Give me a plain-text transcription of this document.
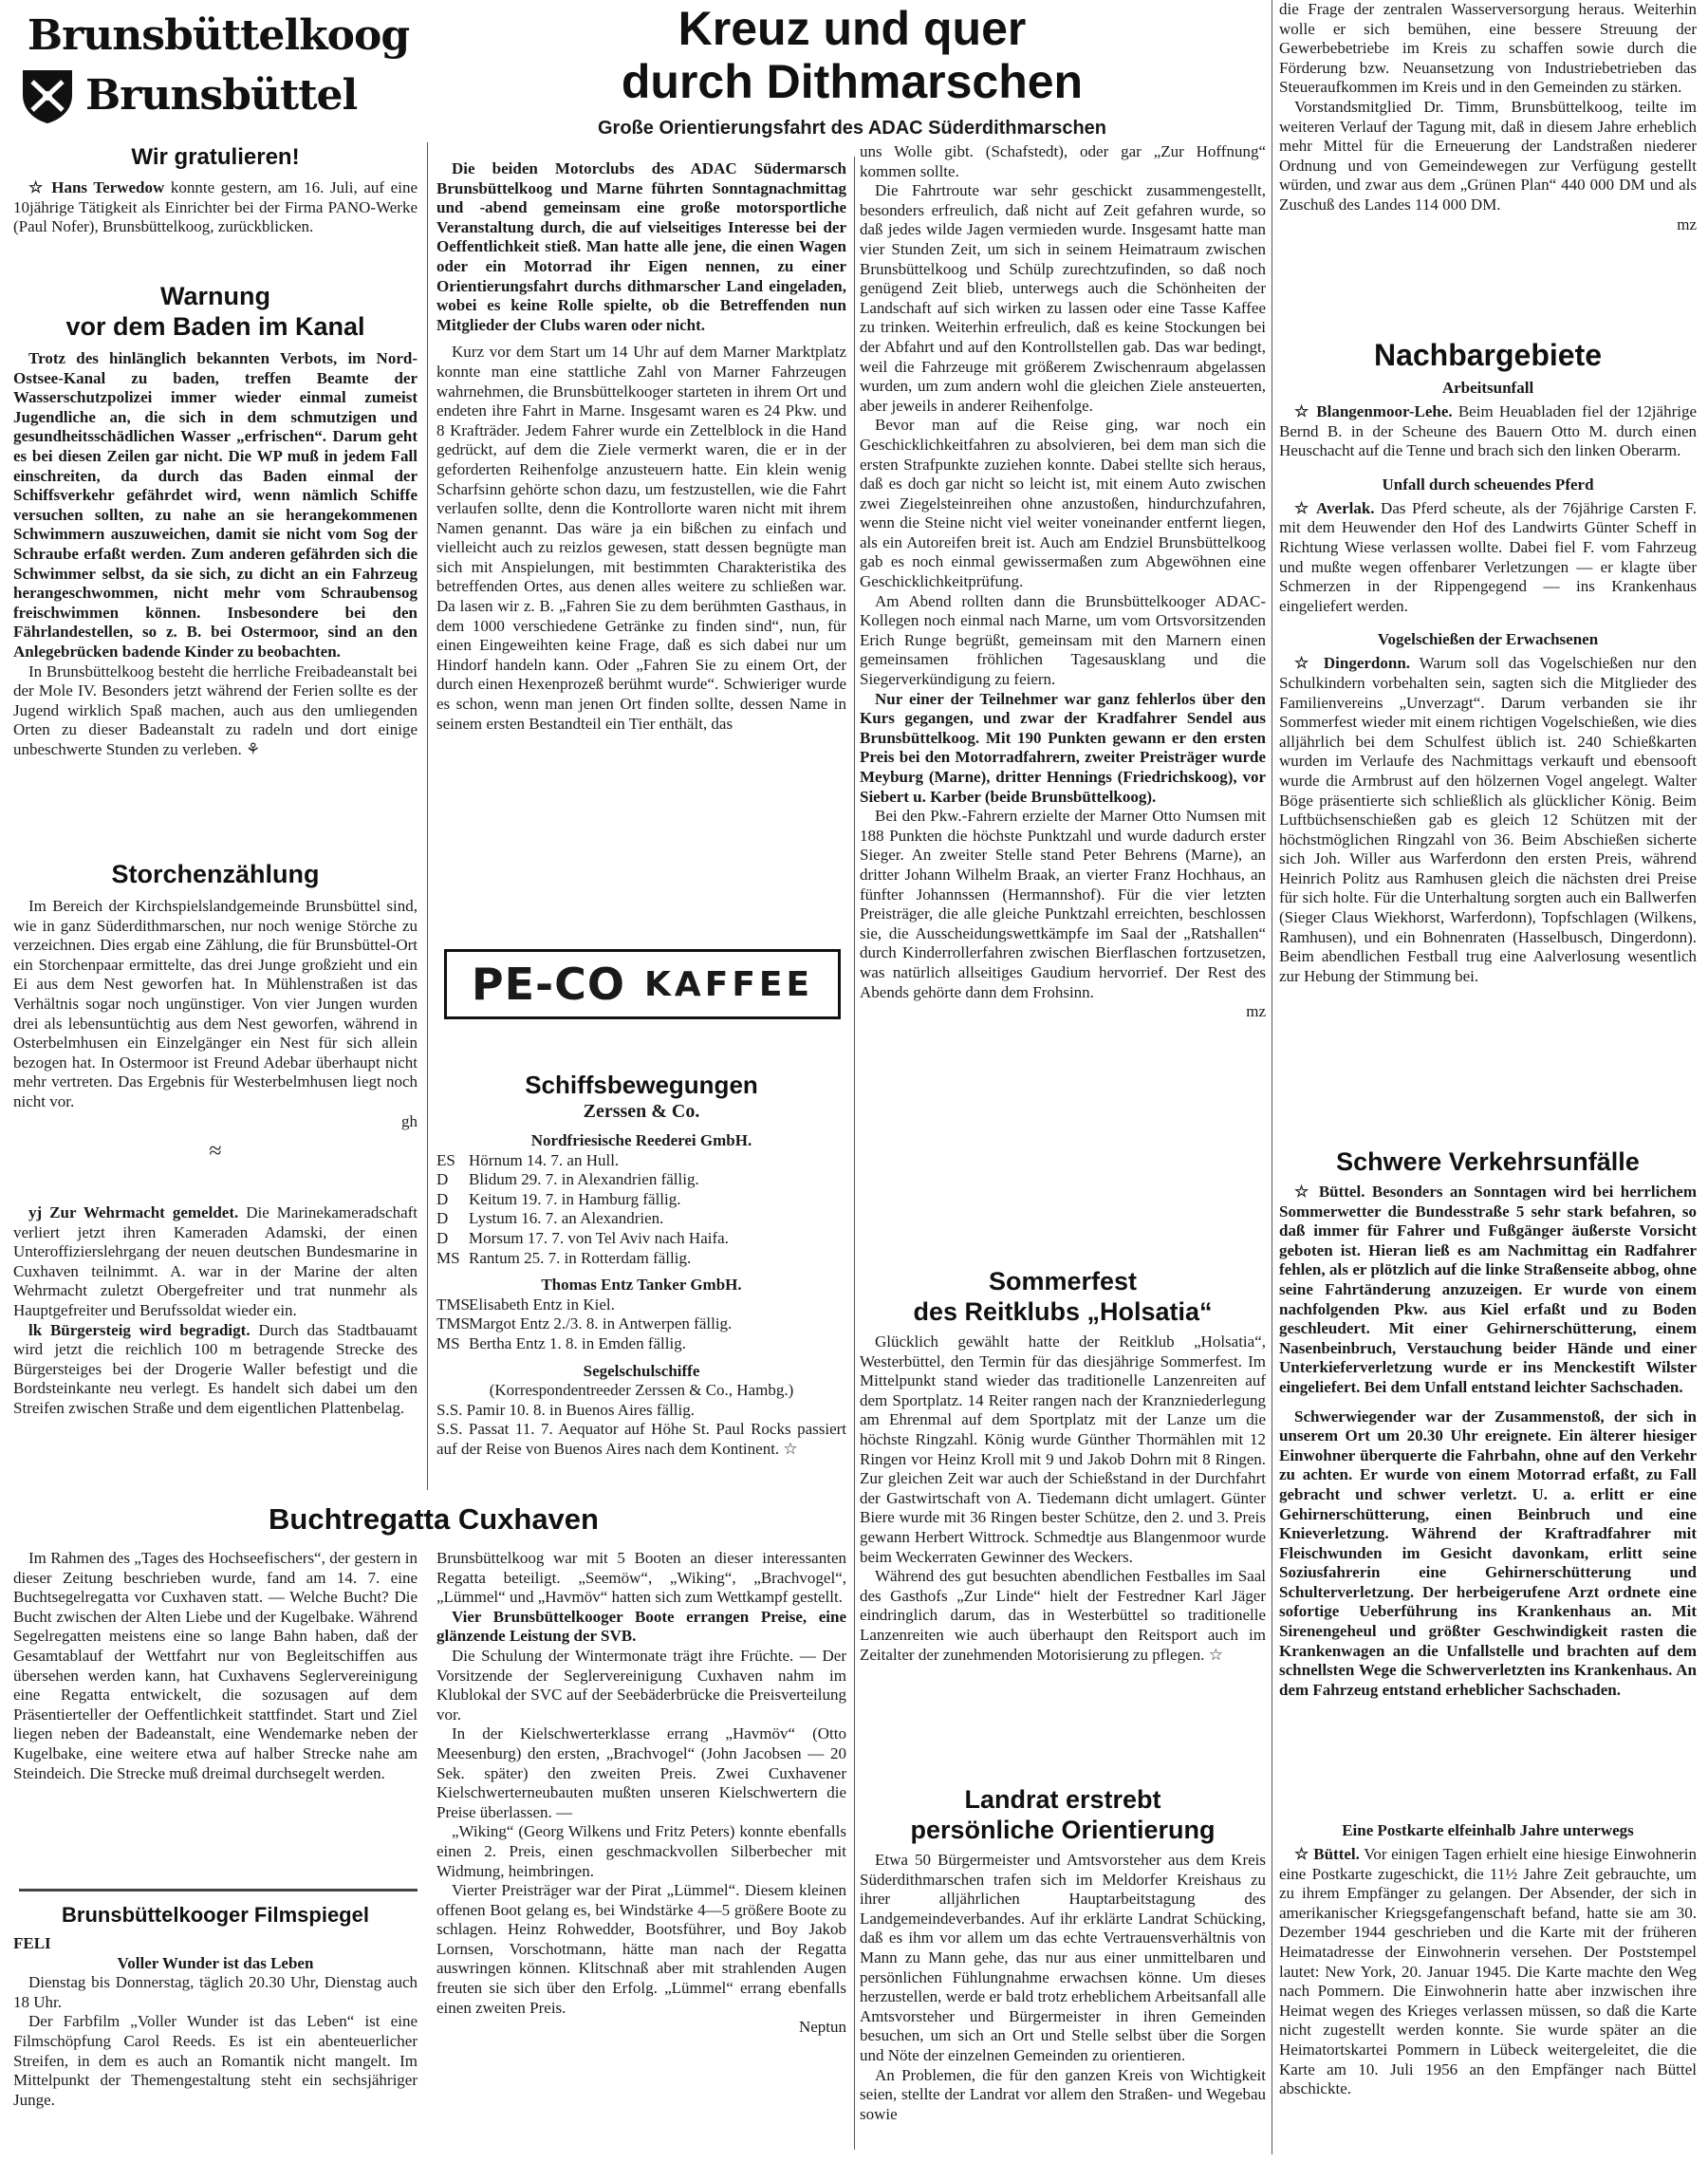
Brunsbüttelkoog
Brunsbüttel
Wir gratulieren!

☆ Hans Terwedow konnte gestern, am 16. Juli, auf eine 10jährige Tätigkeit als Einrichter bei der Firma PANO-Werke (Paul Nofer), Brunsbüttelkoog, zurückblicken.

Warnung
vor dem Baden im Kanal

Trotz des hinlänglich bekannten Verbots, im Nord-Ostsee-Kanal zu baden, treffen Beamte der Wasserschutzpolizei immer wieder einmal zumeist Jugendliche an, die sich in dem schmutzigen und gesundheitsschädlichen Wasser „erfrischen“. Darum geht es bei diesen Zeilen gar nicht. Die WP muß in jedem Fall einschreiten, da durch das Baden einmal der Schiffsverkehr gefährdet wird, wenn nämlich Schiffe versuchen sollten, zu nahe an sie herangekommenen Schwimmern auszuweichen, damit sie nicht vom Sog der Schraube erfaßt werden. Zum anderen gefährden sich die Schwimmer selbst, da sie sich, zu dicht an ein Fahrzeug herangeschwommen, nicht mehr vom Schraubensog freischwimmen können. Insbesondere bei den Fährlandestellen, so z. B. bei Ostermoor, sind an den Anlegebrücken badende Kinder zu beobachten.

In Brunsbüttelkoog besteht die herrliche Freibadeanstalt bei der Mole IV. Besonders jetzt während der Ferien sollte es der Jugend wirklich Spaß machen, auch aus den umliegenden Orten zu dieser Badeanstalt zu radeln und dort einige unbeschwerte Stunden zu verleben. ⚘

Storchenzählung

Im Bereich der Kirchspielslandgemeinde Brunsbüttel sind, wie in ganz Süderdithmarschen, nur noch wenige Störche zu verzeichnen. Dies ergab eine Zählung, die für Brunsbüttel-Ort ein Storchenpaar ermittelte, das drei Junge großzieht und ein Ei aus dem Nest geworfen hat. In Mühlenstraßen ist das Verhältnis sogar noch ungünstiger. Von vier Jungen wurden drei als lebensuntüchtig aus dem Nest geworfen, während in Osterbelmhusen ein Einzelgänger ein Nest für sich allein bezogen hat. In Ostermoor ist Freund Adebar überhaupt nicht mehr vertreten. Das Ergebnis für Westerbelmhusen liegt noch nicht vor.

gh

≈

yj Zur Wehrmacht gemeldet. Die Marinekameradschaft verliert jetzt ihren Kameraden Adamski, der einen Unteroffizierslehrgang der neuen deutschen Bundesmarine in Cuxhaven teilnimmt. A. war in der Marine der alten Wehrmacht zuletzt Obergefreiter und trat nunmehr als Hauptgefreiter und Berufssoldat wieder ein.

lk Bürgersteig wird begradigt. Durch das Stadtbauamt wird jetzt die reichlich 100 m betragende Strecke des Bürgersteiges bei der Drogerie Waller befestigt und die Bordsteinkante neu verlegt. Es handelt sich dabei um den Streifen zwischen Straße und dem eigentlichen Plattenbelag.

Buchtregatta Cuxhaven

Im Rahmen des „Tages des Hochseefischers“, der gestern in dieser Zeitung beschrieben wurde, fand am 14. 7. eine Buchtsegelregatta vor Cuxhaven statt. — Welche Bucht? Die Bucht zwischen der Alten Liebe und der Kugelbake. Während Segelregatten meistens eine so lange Bahn haben, daß der Gesamtablauf der Wettfahrt nur von Begleitschiffen aus übersehen werden kann, hat Cuxhavens Seglervereinigung eine Regatta entwickelt, die sozusagen auf dem Präsentierteller der Oeffentlichkeit stattfindet. Start und Ziel liegen neben der Badeanstalt, eine Wendemarke neben der Kugelbake, eine weitere etwa auf halber Strecke nahe am Steindeich. Die Strecke muß dreimal durchsegelt werden.

Brunsbüttelkoog war mit 5 Booten an dieser interessanten Regatta beteiligt. „Seemöw“, „Wiking“, „Brachvogel“, „Lümmel“ und „Havmöv“ hatten sich zum Wettkampf gestellt.

Vier Brunsbüttelkooger Boote errangen Preise, eine glänzende Leistung der SVB.

Die Schulung der Wintermonate trägt ihre Früchte. — Der Vorsitzende der Seglervereinigung Cuxhaven nahm im Klublokal der SVC auf der Seebäderbrücke die Preisverteilung vor.

In der Kielschwerterklasse errang „Havmöv“ (Otto Meesenburg) den ersten, „Brachvogel“ (John Jacobsen — 20 Sek. später) den zweiten Preis. Zwei Cuxhavener Kielschwerterneubauten mußten unseren Kielschwertern die Preise überlassen. —

„Wiking“ (Georg Wilkens und Fritz Peters) konnte ebenfalls einen 2. Preis, einen geschmackvollen Silberbecher mit Widmung, heimbringen.

Vierter Preisträger war der Pirat „Lümmel“. Diesem kleinen offenen Boot gelang es, bei Windstärke 4—5 größere Boote zu schlagen. Heinz Rohwedder, Bootsführer, und Boy Jakob Lornsen, Vorschotmann, hätte man nach der Regatta auswringen können. Klitschnaß aber mit strahlenden Augen freuten sie sich über den Erfolg. „Lümmel“ errang ebenfalls einen zweiten Preis.

Neptun

Brunsbüttelkooger Filmspiegel

FELI

Voller Wunder ist das Leben

Dienstag bis Donnerstag, täglich 20.30 Uhr, Dienstag auch 18 Uhr.

Der Farbfilm „Voller Wunder ist das Leben“ ist eine Filmschöpfung Carol Reeds. Es ist ein abenteuerlicher Streifen, in dem es auch an Romantik nicht mangelt. Im Mittelpunkt der Themengestaltung steht ein sechsjähriger Junge.

Kreuz und quer
durch Dithmarschen
Große Orientierungsfahrt des ADAC Süderdithmarschen

Die beiden Motorclubs des ADAC Südermarsch Brunsbüttelkoog und Marne führten Sonntagnachmittag und -abend gemeinsam eine große motorsportliche Veranstaltung durch, die auf vielseitiges Interesse bei der Oeffentlichkeit stieß. Man hatte alle jene, die einen Wagen oder ein Motorrad ihr Eigen nennen, zu einer Orientierungsfahrt durchs dithmarscher Land eingeladen, wobei es keine Rolle spielte, ob die Betreffenden nun Mitglieder der Clubs waren oder nicht.

Kurz vor dem Start um 14 Uhr auf dem Marner Marktplatz konnte man eine stattliche Zahl von Marner Fahrzeugen wahrnehmen, die Brunsbüttelkooger starteten in ihrem Ort und endeten ihre Fahrt in Marne. Insgesamt waren es 24 Pkw. und 8 Krafträder. Jedem Fahrer wurde ein Zettelblock in die Hand gedrückt, auf dem die Ziele vermerkt waren, die er in der geforderten Reihenfolge anzusteuern hatte. Ein klein wenig Scharfsinn gehörte schon dazu, um festzustellen, wie die Fahrt verlaufen sollte, denn die Kontrollorte waren nicht mit ihrem Namen genannt. Das wäre ja ein bißchen zu einfach und vielleicht auch zu reizlos gewesen, statt dessen begnügte man sich mit Anspielungen, mit bestimmten Charakteristika des betreffenden Ortes, aus denen alles weitere zu schließen war. Da lasen wir z. B. „Fahren Sie zu dem berühmten Gasthaus, in dem 1000 verschiedene Getränke zu finden sind“, nun, für einen Eingeweihten keine Frage, daß es sich dabei nur um Hindorf handeln kann. Oder „Fahren Sie zu einem Ort, der durch einen Hexenprozeß berühmt wurde“. Schwieriger wurde es schon, wenn man jenen Ort finden sollte, dessen Name in seinem ersten Bestandteil ein Tier enthält, das

uns Wolle gibt. (Schafstedt), oder gar „Zur Hoffnung“ kommen sollte.

Die Fahrtroute war sehr geschickt zusammengestellt, besonders erfreulich, daß nicht auf Zeit gefahren wurde, so daß jedes wilde Jagen vermieden wurde. Insgesamt hatte man vier Stunden Zeit, um sich in seinem Heimatraum zwischen Brunsbüttelkoog und Schülp zurechtzufinden, so daß noch genügend Zeit blieb, unterwegs auch die Schönheiten der Landschaft auf sich wirken zu lassen oder eine Tasse Kaffee zu trinken. Weiterhin erfreulich, daß es keine Stockungen bei der Abfahrt und auf den Kontrollstellen gab. Das war bedingt, weil die Fahrzeuge mit größerem Zwischenraum abgelassen wurden, um zum andern wohl die gleichen Ziele ansteuerten, aber jeweils in anderer Reihenfolge.

Bevor man auf die Reise ging, war noch ein Geschicklichkeitfahren zu absolvieren, bei dem man sich die ersten Strafpunkte zuziehen konnte. Dabei stellte sich heraus, daß es doch gar nicht so leicht ist, mit einem Auto zwischen zwei Ziegelsteinreihen ohne anzustoßen, hindurchzufahren, wenn die Steine nicht viel weiter voneinander entfernt liegen, als ein Autoreifen breit ist. Auch am Endziel Brunsbüttelkoog gab es noch einmal gewissermaßen zum Abgewöhnen eine Geschicklichkeitprüfung.

Am Abend rollten dann die Brunsbüttelkooger ADAC-Kollegen noch einmal nach Marne, um vom Ortsvorsitzenden Erich Runge begrüßt, gemeinsam mit den Marnern einen gemeinsamen fröhlichen Tagesausklang und die Siegerverkündigung zu feiern.

Nur einer der Teilnehmer war ganz fehlerlos über den Kurs gegangen, und zwar der Kradfahrer Sendel aus Brunsbüttelkoog. Mit 190 Punkten gewann er den ersten Preis bei den Motorradfahrern, zweiter Preisträger wurde Meyburg (Marne), dritter Hennings (Friedrichskoog), vor Siebert u. Karber (beide Brunsbüttelkoog).

Bei den Pkw.-Fahrern erzielte der Marner Otto Numsen mit 188 Punkten die höchste Punktzahl und wurde dadurch erster Sieger. An zweiter Stelle stand Peter Behrens (Marne), an dritter Johann Wilhelm Braak, an vierter Franz Hochhaus, an fünfter Johannssen (Hermannshof). Für die vier letzten Preisträger, die alle gleiche Punktzahl erreichten, beschlossen sie, die Ausscheidungswettkämpfe im Saal der „Ratshallen“ durch Kinderrollerfahren zwischen Bierflaschen fortzusetzen, was natürlich allseitiges Gaudium hervorrief. Der Rest des Abends gehörte dann dem Frohsinn.

mz

PE-CO KAFFEE
Schiffsbewegungen
Zerssen & Co.
Nordfriesische Reederei GmbH.
ES Hörnum 14. 7. an Hull.
D Blidum 29. 7. in Alexandrien fällig.
D Keitum 19. 7. in Hamburg fällig.
D Lystum 16. 7. an Alexandrien.
D Morsum 17. 7. von Tel Aviv nach Haifa.
MS Rantum 25. 7. in Rotterdam fällig.
Thomas Entz Tanker GmbH.
TMSElisabeth Entz in Kiel.
TMSMargot Entz 2./3. 8. in Antwerpen fällig.
MS Bertha Entz 1. 8. in Emden fällig.
Segelschulschiffe
(Korrespondentreeder Zerssen & Co., Hambg.)

S.S. Pamir 10. 8. in Buenos Aires fällig.

S.S. Passat 11. 7. Aequator auf Höhe St. Paul Rocks passiert auf der Reise von Buenos Aires nach dem Kontinent. ☆

Sommerfest
des Reitklubs „Holsatia“

Glücklich gewählt hatte der Reitklub „Holsatia“, Westerbüttel, den Termin für das diesjährige Sommerfest. Im Mittelpunkt stand wieder das traditionelle Lanzenreiten auf dem Sportplatz. 14 Reiter rangen nach der Kranzniederlegung am Ehrenmal auf dem Sportplatz mit der Lanze um die höchste Ringzahl. König wurde Günther Thormählen mit 12 Ringen vor Heinz Kroll mit 9 und Jakob Dohrn mit 8 Ringen. Zur gleichen Zeit war auch der Schießstand in der Durchfahrt der Gastwirtschaft von A. Tiedemann dicht umlagert. Günter Biere wurde mit 36 Ringen bester Schütze, den 2. und 3. Preis gewann Herbert Wittrock. Schmedtje aus Blangenmoor wurde beim Weckerraten Gewinner des Weckers.

Während des gut besuchten abendlichen Festballes im Saal des Gasthofs „Zur Linde“ hielt der Festredner Karl Jäger eindringlich darum, das in Westerbüttel so traditionelle Lanzenreiten wie auch überhaupt den Reitsport auch im Zeitalter der zunehmenden Motorisierung zu pflegen. ☆

Landrat erstrebt
persönliche Orientierung

Etwa 50 Bürgermeister und Amtsvorsteher aus dem Kreis Süderdithmarschen trafen sich im Meldorfer Kreishaus zu ihrer alljährlichen Hauptarbeitstagung des Landgemeindeverbandes. Auf ihr erklärte Landrat Schücking, daß es ihm vor allem um das echte Vertrauensverhältnis von Mann zu Mann gehe, das nur aus einer unmittelbaren und persönlichen Fühlungnahme erwachsen könne. Um dieses herzustellen, werde er bald trotz erheblichem Arbeitsanfall alle Amtsvorsteher und Bürgermeister in ihren Gemeinden besuchen, um sich an Ort und Stelle selbst über die Sorgen und Nöte der einzelnen Gemeinden zu orientieren.

An Problemen, die für den ganzen Kreis von Wichtigkeit seien, stellte der Landrat vor allem den Straßen- und Wegebau sowie

die Frage der zentralen Wasserversorgung heraus. Weiterhin wolle er sich bemühen, eine bessere Streuung der Gewerbebetriebe im Kreis zu schaffen sowie durch die Förderung bzw. Neuansetzung von Industriebetrieben das Steueraufkommen im Kreis und in den Gemeinden zu stärken.

Vorstandsmitglied Dr. Timm, Brunsbüttelkoog, teilte im weiteren Verlauf der Tagung mit, daß in diesem Jahre erheblich mehr Mittel für die Erneuerung der Landstraßen niederer Ordnung und von Gemeindewegen zur Verfügung gestellt würden, und zwar aus dem „Grünen Plan“ 440 000 DM und als Zuschuß des Landes 114 000 DM.

mz

Nachbargebiete
Arbeitsunfall

☆ Blangenmoor-Lehe. Beim Heuabladen fiel der 12jährige Bernd B. in der Scheune des Bauern Otto M. durch einen Heuschacht auf die Tenne und brach sich den linken Oberarm.

Unfall durch scheuendes Pferd

☆ Averlak. Das Pferd scheute, als der 76jährige Carsten F. mit dem Heuwender den Hof des Landwirts Günter Scheff in Richtung Wiese verlassen wollte. Dabei fiel F. vom Fahrzeug und mußte wegen offenbarer Verletzungen — er klagte über Schmerzen in der Rippengegend — ins Krankenhaus eingeliefert werden.

Vogelschießen der Erwachsenen

☆ Dingerdonn. Warum soll das Vogelschießen nur den Schulkindern vorbehalten sein, sagten sich die Mitglieder des Familienvereins „Unverzagt“. Darum verbanden sie ihr Sommerfest wieder mit einem richtigen Vogelschießen, wie dies alljährlich bei dem Schulfest üblich ist. 240 Schießkarten wurden im Verlaufe des Nachmittags verkauft und ebensooft wurde die Armbrust auf den hölzernen Vogel angelegt. Walter Böge präsentierte sich schließlich als glücklicher König. Beim Luftbüchsenschießen gab es gleich 12 Schützen mit der höchstmöglichen Ringzahl von 36. Beim Abschießen sicherte sich Joh. Willer aus Warferdonn den ersten Preis, während Heinrich Politz aus Ramhusen gleich die nächsten drei Preise für sich holte. Für die Unterhaltung sorgten auch ein Ballwerfen (Sieger Claus Wiekhorst, Warferdonn), Topfschlagen (Wilkens, Ramhusen), und ein Bohnenraten (Hasselbusch, Dingerdonn). Beim abendlichen Festball trug eine Aalverlosung wesentlich zur Hebung der Stimmung bei.

Schwere Verkehrsunfälle

☆ Büttel. Besonders an Sonntagen wird bei herrlichem Sommerwetter die Bundesstraße 5 sehr stark befahren, so daß immer für Fahrer und Fußgänger äußerste Vorsicht geboten ist. Hieran ließ es am Nachmittag ein Radfahrer fehlen, als er plötzlich auf die linke Straßenseite abbog, ohne seine Fahrtänderung anzuzeigen. Er wurde von einem nachfolgenden Pkw. aus Kiel erfaßt und zu Boden geschleudert. Mit einer Gehirnerschütterung, einem Nasenbeinbruch, Verstauchung beider Hände und einer Unterkieferverletzung wurde er ins Menckestift Wilster eingeliefert. Bei dem Unfall entstand leichter Sachschaden.

Schwerwiegender war der Zusammenstoß, der sich in unserem Ort um 20.30 Uhr ereignete. Ein älterer hiesiger Einwohner überquerte die Fahrbahn, ohne auf den Verkehr zu achten. Er wurde von einem Motorrad erfaßt, zu Fall gebracht und schwer verletzt. U. a. erlitt er eine Gehirnerschütterung, einen Beinbruch und eine Knieverletzung. Während der Kraftradfahrer mit Fleischwunden im Gesicht davonkam, erlitt seine Soziusfahrerin eine Gehirnerschütterung und Schulterverletzung. Der herbeigerufene Arzt ordnete eine sofortige Ueberführung ins Krankenhaus an. Mit Sirenengeheul und größter Geschwindigkeit rasten die Krankenwagen an die Unfallstelle und brachten auf dem schnellsten Wege die Schwerverletzten ins Krankenhaus. An dem Fahrzeug entstand erheblicher Sachschaden.

Eine Postkarte elfeinhalb Jahre unterwegs

☆ Büttel. Vor einigen Tagen erhielt eine hiesige Einwohnerin eine Postkarte zugeschickt, die 11½ Jahre Zeit gebrauchte, um zu ihrem Empfänger zu gelangen. Der Absender, der sich in amerikanischer Kriegsgefangenschaft befand, hatte sie am 30. Dezember 1944 geschrieben und die Karte mit der früheren Heimatadresse der Einwohnerin versehen. Der Poststempel lautet: New York, 20. Januar 1945. Die Karte machte den Weg nach Pommern. Die Einwohnerin hatte aber inzwischen ihre Heimat wegen des Krieges verlassen müssen, so daß die Karte nicht zugestellt werden konnte. Sie wurde später an die Heimatortskartei Pommern in Lübeck weitergeleitet, die die Karte am 10. Juli 1956 an den Empfänger nach Büttel abschickte.
